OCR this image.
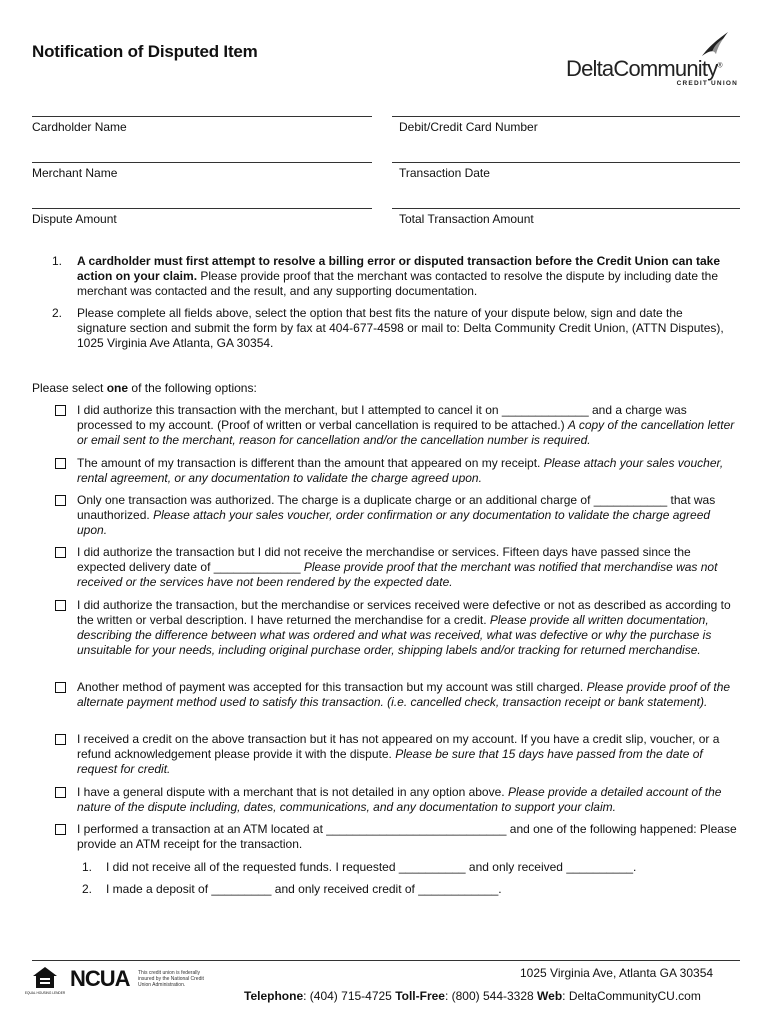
Notification of Disputed Item
DeltaCommunity®
CREDIT UNION
Cardholder Name	Debit/Credit Card Number
Merchant Name	Transaction Date
Dispute Amount	Total Transaction Amount
1. A cardholder must first attempt to resolve a billing error or disputed transaction before the Credit Union can take action on your claim. Please provide proof that the merchant was contacted to resolve the dispute by including date the merchant was contacted and the result, and any supporting documentation.
2. Please complete all fields above, select the option that best fits the nature of your dispute below, sign and date the signature section and submit the form by fax at 404-677-4598 or mail to: Delta Community Credit Union, (ATTN Disputes), 1025 Virginia Ave Atlanta, GA 30354.
Please select one of the following options:
I did authorize this transaction with the merchant, but I attempted to cancel it on _____________ and a charge was processed to my account. (Proof of written or verbal cancellation is required to be attached.) A copy of the cancellation letter or email sent to the merchant, reason for cancellation and/or the cancellation number is required.
The amount of my transaction is different than the amount that appeared on my receipt. Please attach your sales voucher, rental agreement, or any documentation to validate the charge agreed upon.
Only one transaction was authorized. The charge is a duplicate charge or an additional charge of ___________ that was unauthorized. Please attach your sales voucher, order confirmation or any documentation to validate the charge agreed upon.
I did authorize the transaction but I did not receive the merchandise or services. Fifteen days have passed since the expected delivery date of _____________ Please provide proof that the merchant was notified that merchandise was not received or the services have not been rendered by the expected date.
I did authorize the transaction, but the merchandise or services received were defective or not as described as according to the written or verbal description. I have returned the merchandise for a credit. Please provide all written documentation, describing the difference between what was ordered and what was received, what was defective or why the purchase is unsuitable for your needs, including original purchase order, shipping labels and/or tracking for returned merchandise.
Another method of payment was accepted for this transaction but my account was still charged. Please provide proof of the alternate payment method used to satisfy this transaction. (i.e. cancelled check, transaction receipt or bank statement).
I received a credit on the above transaction but it has not appeared on my account. If you have a credit slip, voucher, or a refund acknowledgement please provide it with the dispute. Please be sure that 15 days have passed from the date of request for credit.
I have a general dispute with a merchant that is not detailed in any option above. Please provide a detailed account of the nature of the dispute including, dates, communications, and any documentation to support your claim.
I performed a transaction at an ATM located at ___________________________ and one of the following happened: Please provide an ATM receipt for the transaction.
1. I did not receive all of the requested funds. I requested __________ and only received __________.
2. I made a deposit of _________ and only received credit of ____________.
EQUAL HOUSING LENDER
NCUA This credit union is federally insured by the National Credit Union Administration.
1025 Virginia Ave, Atlanta GA 30354
Telephone: (404) 715-4725 Toll-Free: (800) 544-3328 Web: DeltaCommunityCU.com
